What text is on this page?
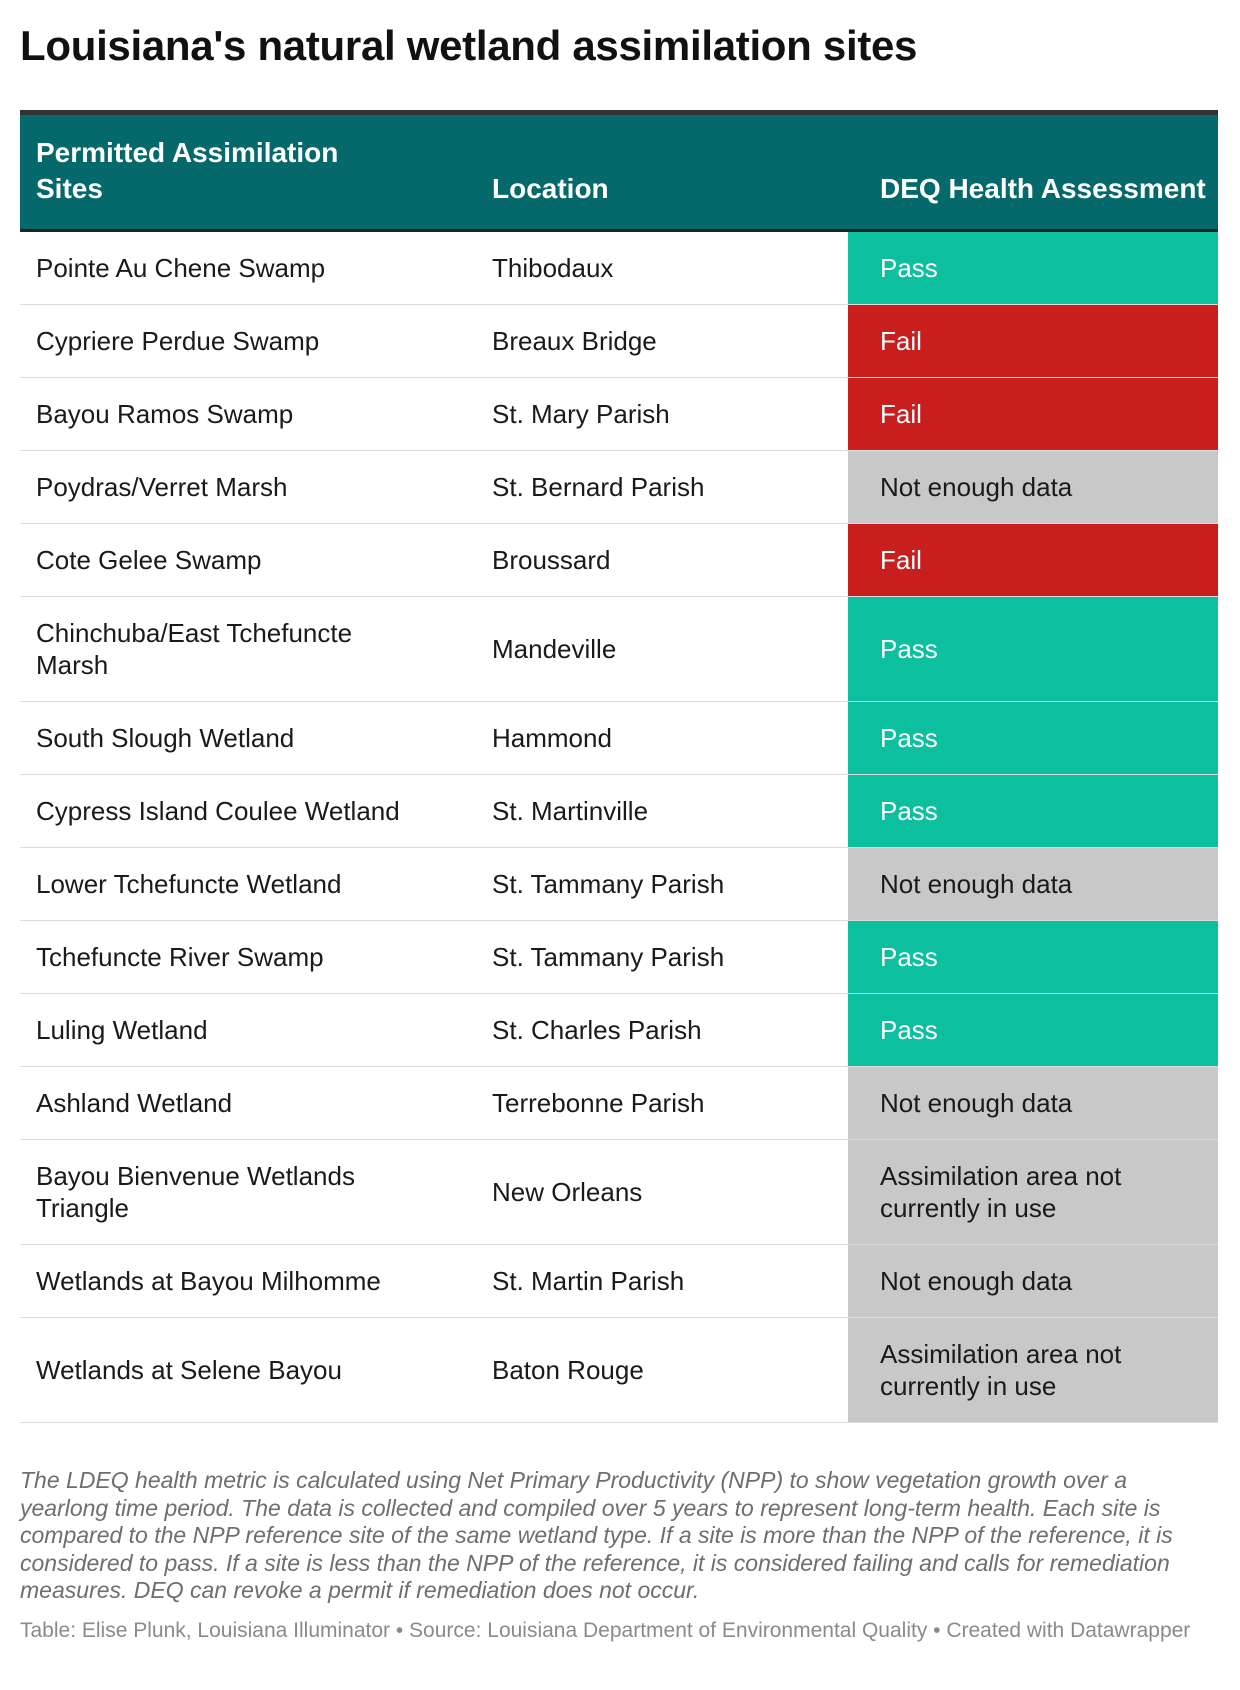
Louisiana's natural wetland assimilation sites
Permitted Assimilation Sites	Location	DEQ Health Assessment
Pointe Au Chene Swamp	Thibodaux	Pass
Cypriere Perdue Swamp	Breaux Bridge	Fail
Bayou Ramos Swamp	St. Mary Parish	Fail
Poydras/Verret Marsh	St. Bernard Parish	Not enough data
Cote Gelee Swamp	Broussard	Fail
Chinchuba/East Tchefuncte Marsh	Mandeville	Pass
South Slough Wetland	Hammond	Pass
Cypress Island Coulee Wetland	St. Martinville	Pass
Lower Tchefuncte Wetland	St. Tammany Parish	Not enough data
Tchefuncte River Swamp	St. Tammany Parish	Pass
Luling Wetland	St. Charles Parish	Pass
Ashland Wetland	Terrebonne Parish	Not enough data
Bayou Bienvenue Wetlands Triangle	New Orleans	Assimilation area not currently in use
Wetlands at Bayou Milhomme	St. Martin Parish	Not enough data
Wetlands at Selene Bayou	Baton Rouge	Assimilation area not currently in use

The LDEQ health metric is calculated using Net Primary Productivity (NPP) to show vegetation growth over a yearlong time period. The data is collected and compiled over 5 years to represent long-term health. Each site is compared to the NPP reference site of the same wetland type. If a site is more than the NPP of the reference, it is considered to pass. If a site is less than the NPP of the reference, it is considered failing and calls for remediation measures. DEQ can revoke a permit if remediation does not occur.

Table: Elise Plunk, Louisiana Illuminator • Source: Louisiana Department of Environmental Quality • Created with Datawrapper
